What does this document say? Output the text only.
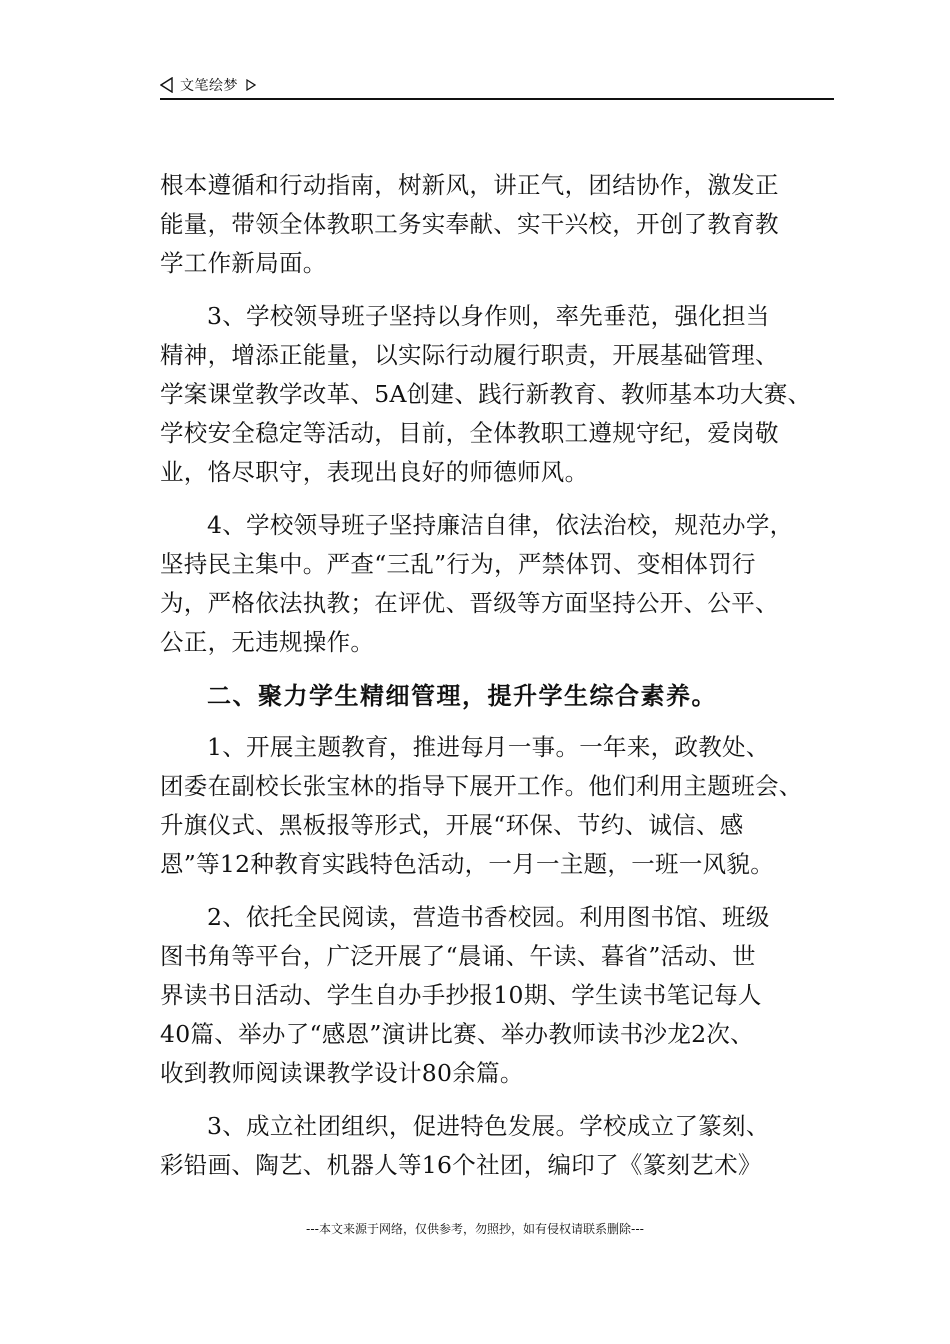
文笔绘梦
根本遵循和行动指南，树新风，讲正气，团结协作，激发正
能量，带领全体教职工务实奉献、实干兴校，开创了教育教
学工作新局面。
3、学校领导班子坚持以身作则，率先垂范，强化担当
精神，增添正能量，以实际行动履行职责，开展基础管理、
学案课堂教学改革、5A创建、践行新教育、教师基本功大赛、
学校安全稳定等活动，目前，全体教职工遵规守纪，爱岗敬
业，恪尽职守，表现出良好的师德师风。
4、学校领导班子坚持廉洁自律，依法治校，规范办学，
坚持民主集中。严查“三乱”行为，严禁体罚、变相体罚行
为，严格依法执教；在评优、晋级等方面坚持公开、公平、
公正，无违规操作。
二、聚力学生精细管理，提升学生综合素养。
1、开展主题教育，推进每月一事。一年来，政教处、
团委在副校长张宝林的指导下展开工作。他们利用主题班会、
升旗仪式、黑板报等形式，开展“环保、节约、诚信、感
恩”等12种教育实践特色活动，一月一主题，一班一风貌。
2、依托全民阅读，营造书香校园。利用图书馆、班级
图书角等平台，广泛开展了“晨诵、午读、暮省”活动、世
界读书日活动、学生自办手抄报10期、学生读书笔记每人
40篇、举办了“感恩”演讲比赛、举办教师读书沙龙2次、
收到教师阅读课教学设计80余篇。
3、成立社团组织，促进特色发展。学校成立了篆刻、
彩铅画、陶艺、机器人等16个社团，编印了《篆刻艺术》
---本文来源于网络，仅供参考，勿照抄，如有侵权请联系删除---
